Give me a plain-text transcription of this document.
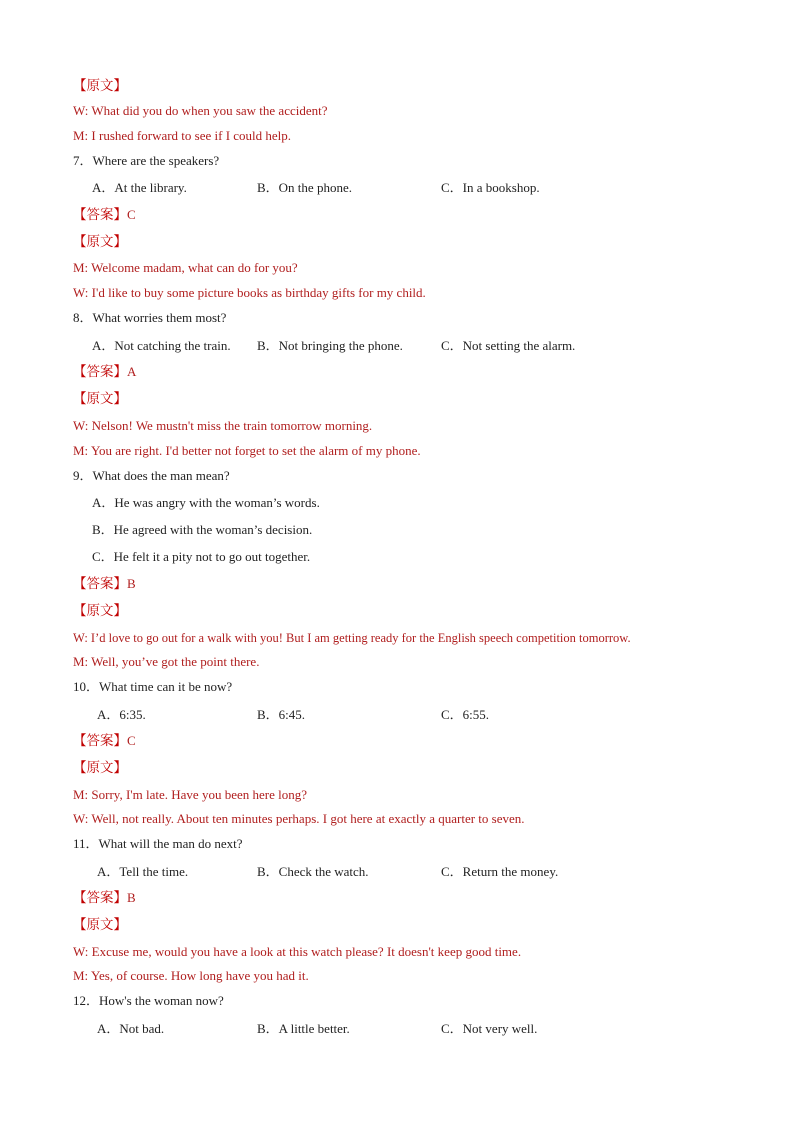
【原文】
W: What did you do when you saw the accident?
M: I rushed forward to see if I could help.
7．Where are the speakers?
A．At the library.	B．On the phone.	C．In a bookshop.
【答案】C
【原文】
M: Welcome madam, what can do for you?
W: I'd like to buy some picture books as birthday gifts for my child.
8．What worries them most?
A．Not catching the train. B．Not bringing the phone.	C．Not setting the alarm.
【答案】A
【原文】
W: Nelson! We mustn't miss the train tomorrow morning.
M: You are right. I'd better not forget to set the alarm of my phone.
9．What does the man mean?
A．He was angry with the woman’s words.
B．He agreed with the woman’s decision.
C．He felt it a pity not to go out together.
【答案】B
【原文】
W: I’d love to go out for a walk with you! But I am getting ready for the English speech competition tomorrow.
M: Well, you’ve got the point there.
10．What time can it be now?
A．6:35.	B．6:45.	C．6:55.
【答案】C
【原文】
M: Sorry, I'm late. Have you been here long?
W: Well, not really. About ten minutes perhaps. I got here at exactly a quarter to seven.
11．What will the man do next?
A．Tell the time.	B．Check the watch.	C．Return the money.
【答案】B
【原文】
W: Excuse me, would you have a look at this watch please? It doesn't keep good time.
M: Yes, of course. How long have you had it.
12．How's the woman now?
A．Not bad.	B．A little better.	C．Not very well.
